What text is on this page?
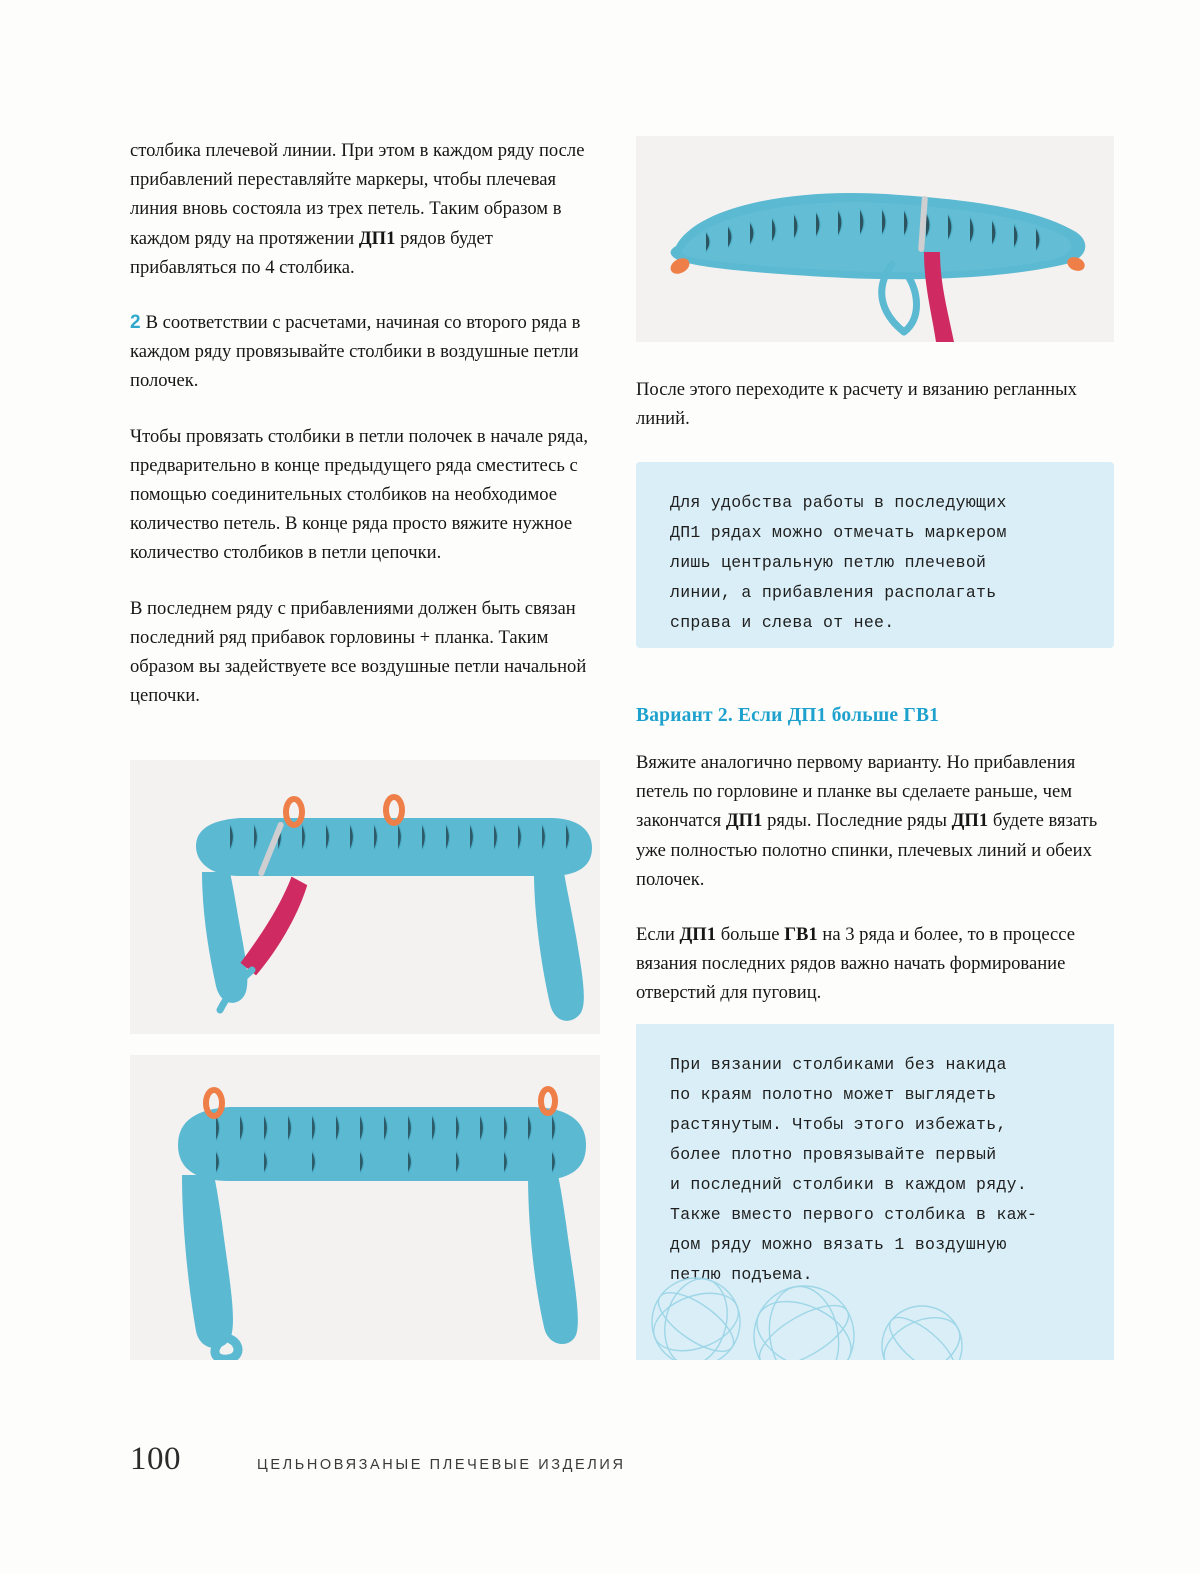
столбика плечевой линии. При этом в каждом ряду после прибавлений переставляйте маркеры, чтобы плечевая линия вновь состояла из трех петель. Таким образом в каждом ряду на протяжении ДП1 рядов будет прибавляться по 4 столбика.

2 В соответствии с расчетами, начиная со второго ряда в каждом ряду провязывайте столбики в воздушные петли полочек.

Чтобы провязать столбики в петли полочек в начале ряда, предварительно в конце предыдущего ряда сместитесь с помощью соединительных столбиков на необходимое количество петель. В конце ряда просто вяжите нужное количество столбиков в петли цепочки.

В последнем ряду с прибавлениями должен быть связан последний ряд прибавок горловины + планка. Таким образом вы задействуете все воздушные петли начальной цепочки.

После этого переходите к расчету и вязанию регланных линий.

Для удобства работы в последующих
ДП1 рядах можно отмечать маркером
лишь центральную петлю плечевой
линии, а прибавления располагать
справа и слева от нее.
Вариант 2. Если ДП1 больше ГВ1

Вяжите аналогично первому варианту. Но прибавления петель по горловине и планке вы сделаете раньше, чем закончатся ДП1 ряды. Последние ряды ДП1 будете вязать уже полностью полотно спинки, плечевых линий и обеих полочек.

Если ДП1 больше ГВ1 на 3 ряда и более, то в процессе вязания последних рядов важно начать формирование отверстий для пуговиц.

При вязании столбиками без накида
по краям полотно может выглядеть
растянутым. Чтобы этого избежать,
более плотно провязывайте первый
и последний столбики в каждом ряду.
Также вместо первого столбика в каж-
дом ряду можно вязать 1 воздушную
петлю подъема.
100	ЦЕЛЬНОВЯЗАНЫЕ ПЛЕЧЕВЫЕ ИЗДЕЛИЯ
